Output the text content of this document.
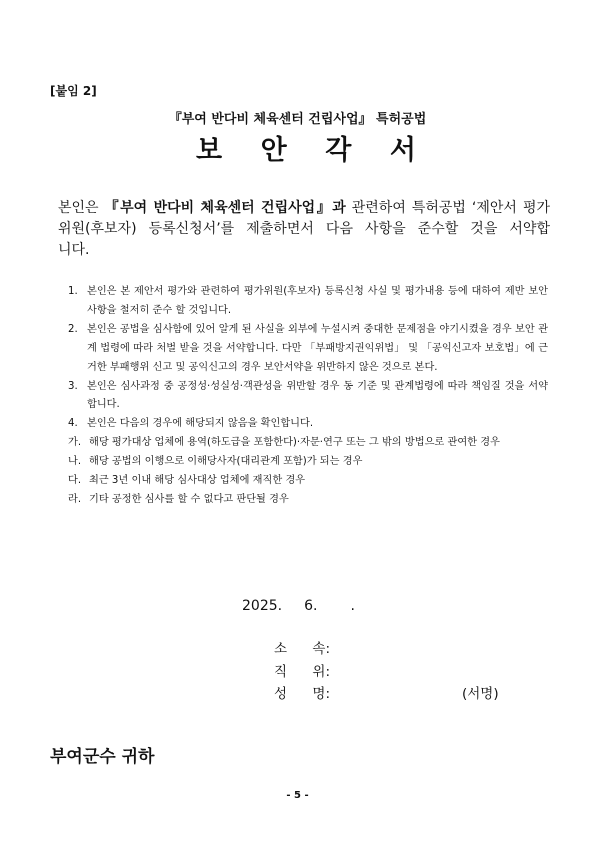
[붙임 2]
『부여 반다비 체육센터 건립사업』 특허공법
보 안 각 서
본인은 『부여 반다비 체육센터 건립사업』과 관련하여 특허공법 ‘제안서 평가
위원(후보자) 등록신청서’를 제출하면서 다음 사항을 준수할 것을 서약합
니다.
1. 본인은 본 제안서 평가와 관련하여 평가위원(후보자) 등록신청 사실 및 평가내용 등에 대하여 제반 보안사항을 철저히 준수 할 것입니다.
2. 본인은 공법을 심사함에 있어 알게 된 사실을 외부에 누설시켜 중대한 문제점을 야기시켰을 경우 보안 관계 법령에 따라 처벌 받을 것을 서약합니다. 다만 「부패방지권익위법」 및 「공익신고자 보호법」에 근거한 부패행위 신고 및 공익신고의 경우 보안서약을 위반하지 않은 것으로 본다.
3. 본인은 심사과정 중 공정성·성실성·객관성을 위반할 경우 동 기준 및 관계법령에 따라 책임질 것을 서약합니다.
4. 본인은 다음의 경우에 해당되지 않음을 확인합니다.
가. 해당 평가대상 업체에 용역(하도급을 포함한다)·자문·연구 또는 그 밖의 방법으로 관여한 경우
나. 해당 공법의 이행으로 이해당사자(대리관계 포함)가 되는 경우
다. 최근 3년 이내 해당 심사대상 업체에 재직한 경우
라. 기타 공정한 심사를 할 수 없다고 판단될 경우
2025. 6. .
소 속:
직 위:
성 명:	(서명)
부여군수 귀하
- 5 -
